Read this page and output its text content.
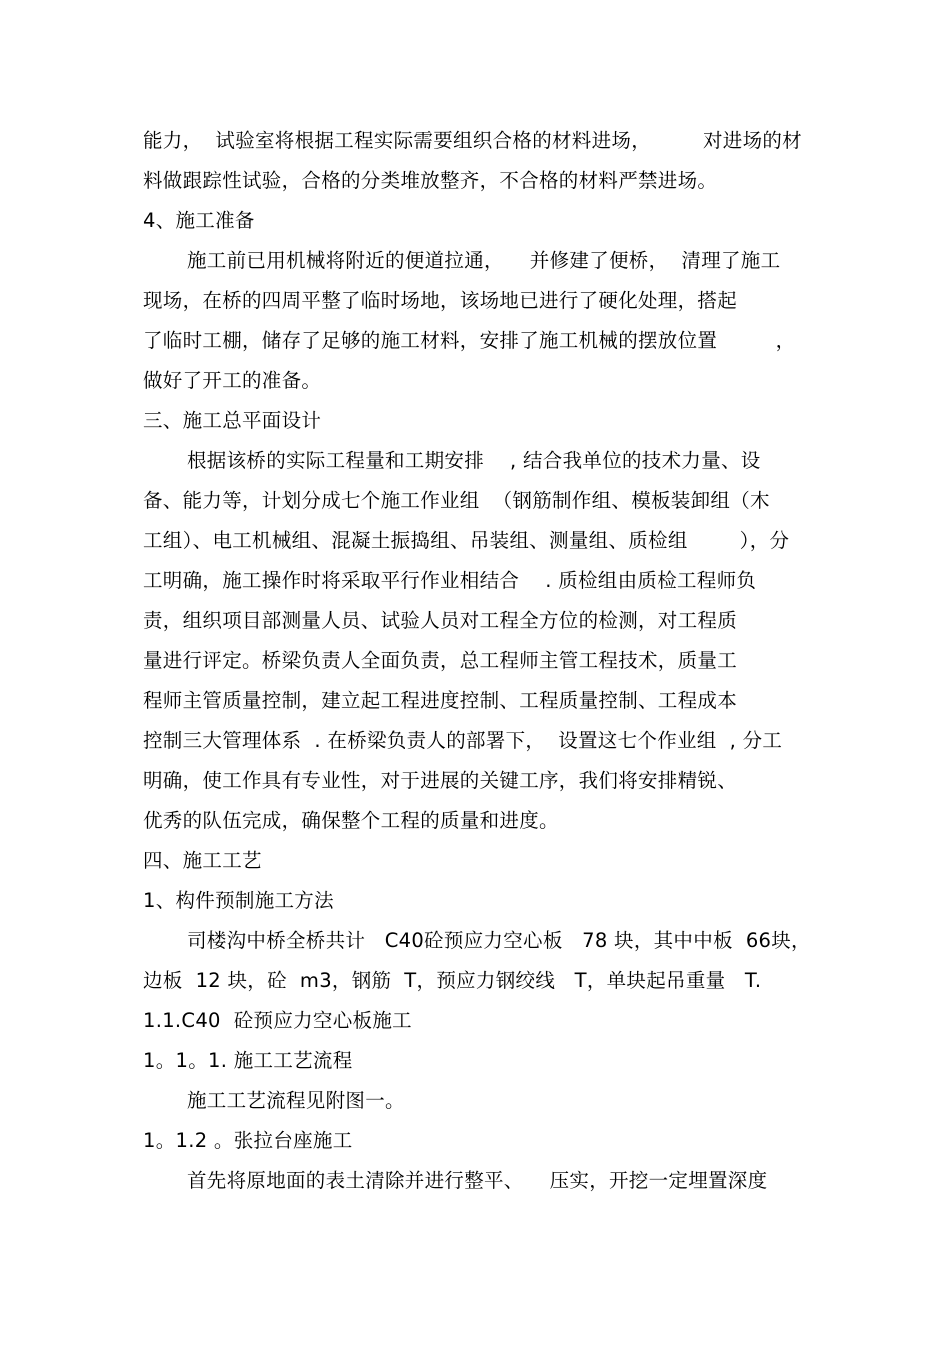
能力，  试验室将根据工程实际需要组织合格的材料进场，        对进场的材
料做跟踪性试验，合格的分类堆放整齐，不合格的材料严禁进场。
4、施工准备
施工前已用机械将附近的便道拉通，    并修建了便桥，  清理了施工
现场，在桥的四周平整了临时场地，该场地已进行了硬化处理，搭起
了临时工棚，储存了足够的施工材料，安排了施工机械的摆放位置         ，
做好了开工的准备。
三、施工总平面设计
根据该桥的实际工程量和工期安排    , 结合我单位的技术力量、设
备、能力等，计划分成七个施工作业组  （钢筋制作组、模板装卸组（木
工组）、电工机械组、混凝土振捣组、吊装组、测量组、质检组        ），分
工明确，施工操作时将采取平行作业相结合    . 质检组由质检工程师负
责，组织项目部测量人员、试验人员对工程全方位的检测，对工程质
量进行评定。桥梁负责人全面负责，总工程师主管工程技术，质量工
程师主管质量控制，建立起工程进度控制、工程质量控制、工程成本
控制三大管理体系  . 在桥梁负责人的部署下，  设置这七个作业组  , 分工
明确，使工作具有专业性，对于进展的关键工序，我们将安排精锐、
优秀的队伍完成，确保整个工程的质量和进度。
四、施工工艺
1、构件预制施工方法
司楼沟中桥全桥共计   C40砼预应力空心板   78 块，其中中板  66块，
边板  12 块，砼  m3，钢筋  T，预应力钢绞线   T，单块起吊重量   T.
1.1.C40  砼预应力空心板施工
1。1。1. 施工工艺流程
施工工艺流程见附图一。
1。1.2 。张拉台座施工
首先将原地面的表土清除并进行整平、    压实，开挖一定埋置深度
